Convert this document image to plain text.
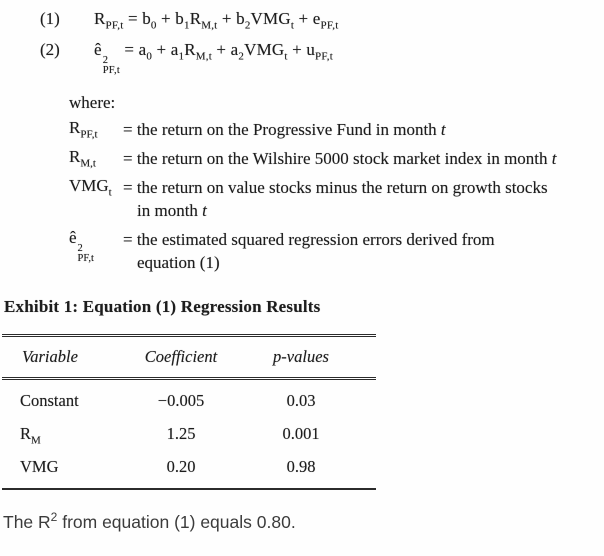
(1)	$R_{PF,t} = b_0 + b_1R_{M,t} + b_2VMG_t + e_{PF,t}$
(2)	ê
2
PF,t
= $a_0 + a_1R_{M,t} + a_2VMG_t + u_{PF,t}$
where:
$R_{PF,t}$	= the return on the Progressive Fund in month t
$R_{M,t}$	= the return on the Wilshire 5000 stock market index in month t
$VMG_t$ = the return on value stocks minus the return on growth stocks
in month t
ê
2
PF,t
= the estimated squared regression errors derived from
equation (1)
Exhibit 1: Equation (1) Regression Results
Variable	Coefficient	p-values
Constant	−0.005	0.03
$R_M$	1.25	0.001
VMG	0.20	0.98

The $R^2$ from equation (1) equals 0.80.
